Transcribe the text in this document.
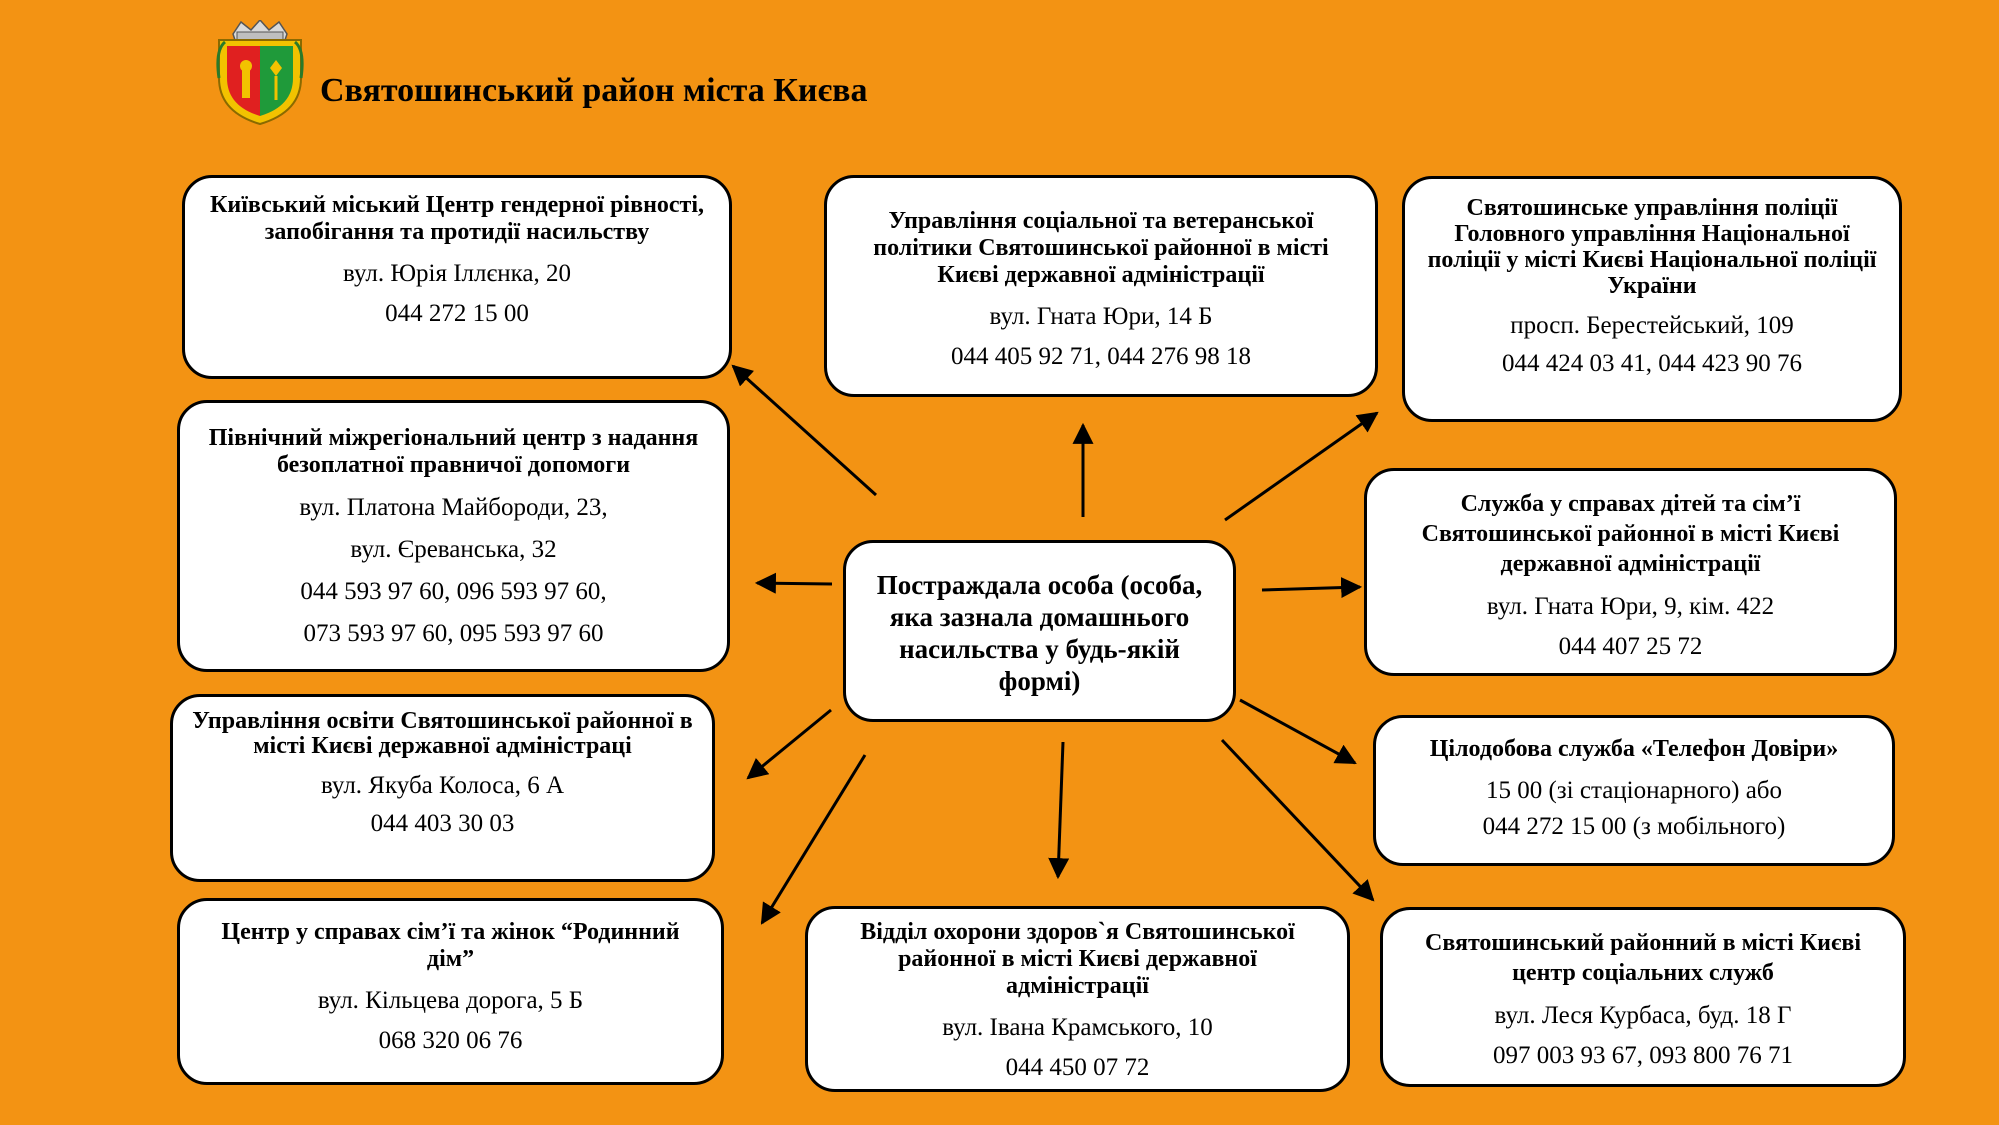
Святошинський район міста Києва
Постраждала особа (особа, яка зазнала домашнього насильства у будь-якій формі)
Київський міський Центр гендерної рівності, запобігання та протидії насильству
вул. Юрія Іллєнка, 20
044 272 15 00
Північний міжрегіональний центр з надання безоплатної правничої допомоги
вул. Платона Майбороди, 23,
вул. Єреванська, 32
044 593 97 60, 096 593 97 60,
073 593 97 60, 095 593 97 60
Управління освіти Святошинської районної в місті Києві державної адміністраці
вул. Якуба Колоса, 6 А
044 403 30 03
Центр у справах сім’ї та жінок “Родинний дім”
вул. Кільцева дорога, 5 Б
068 320 06 76
Управління соціальної та ветеранської політики Святошинської районної в місті Києві державної адміністрації
вул. Гната Юри, 14 Б
044 405 92 71, 044 276 98 18
Відділ охорони здоров`я Святошинської районної в місті Києві державної адміністрації
вул. Івана Крамського, 10
044 450 07 72
Святошинське управління поліції Головного управління Національної поліції у місті Києві Національної поліції України
просп. Берестейський, 109
044 424 03 41, 044 423 90 76
Служба у справах дітей та сім’ї Святошинської районної в місті Києві державної адміністрації
вул. Гната Юри, 9, кім. 422
044 407 25 72
Цілодобова служба «Телефон Довіри»
15 00 (зі стаціонарного) або
044 272 15 00 (з мобільного)
Святошинський районний в місті Києві центр соціальних служб
вул. Леся Курбаса, буд. 18 Г
097 003 93 67, 093 800 76 71
